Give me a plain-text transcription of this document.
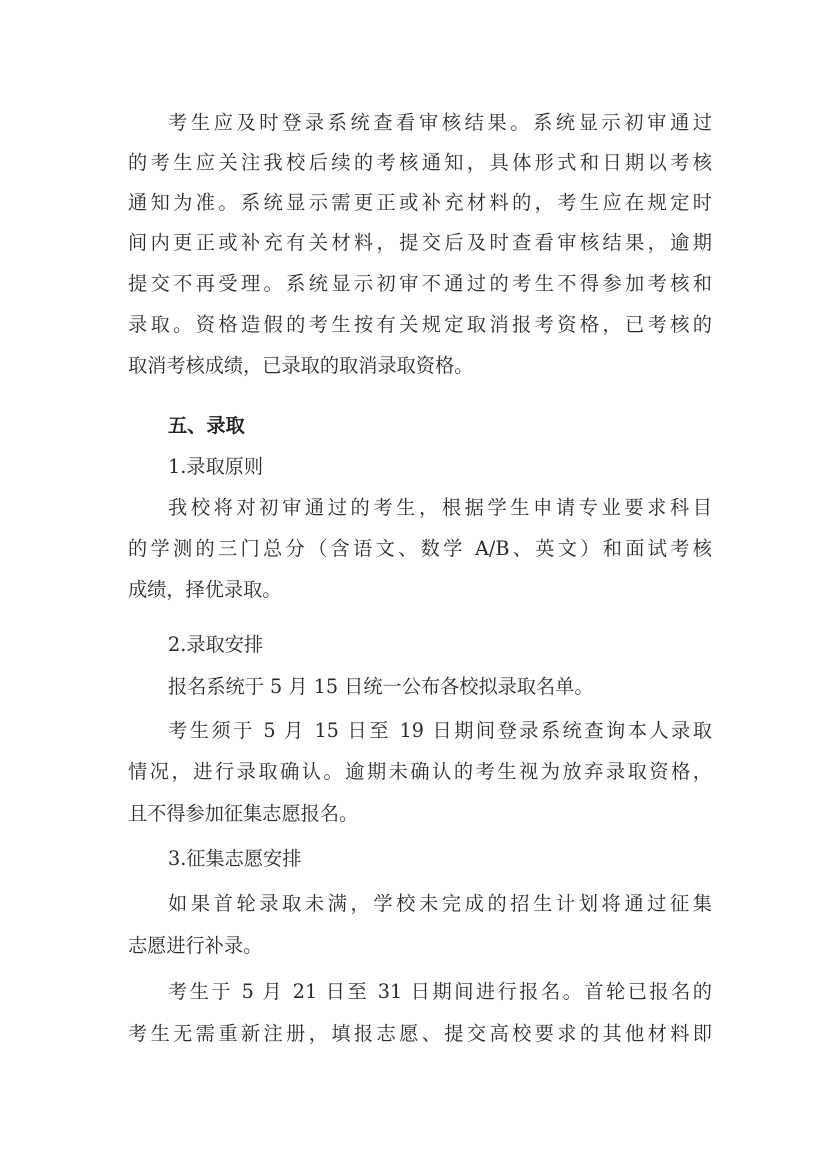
考生应及时登录系统查看审核结果。系统显示初审通过
的考生应关注我校后续的考核通知，具体形式和日期以考核
通知为准。系统显示需更正或补充材料的，考生应在规定时
间内更正或补充有关材料，提交后及时查看审核结果，逾期
提交不再受理。系统显示初审不通过的考生不得参加考核和
录取。资格造假的考生按有关规定取消报考资格，已考核的
取消考核成绩，已录取的取消录取资格。
五、录取
1.录取原则
我校将对初审通过的考生，根据学生申请专业要求科目
的学测的三门总分（含语文、数学 A/B、英文）和面试考核
成绩，择优录取。
2.录取安排
报名系统于 5 月 15 日统一公布各校拟录取名单。
考生须于 5 月 15 日至 19 日期间登录系统查询本人录取
情况，进行录取确认。逾期未确认的考生视为放弃录取资格，
且不得参加征集志愿报名。
3.征集志愿安排
如果首轮录取未满，学校未完成的招生计划将通过征集
志愿进行补录。
考生于 5 月 21 日至 31 日期间进行报名。首轮已报名的
考生无需重新注册，填报志愿、提交高校要求的其他材料即
